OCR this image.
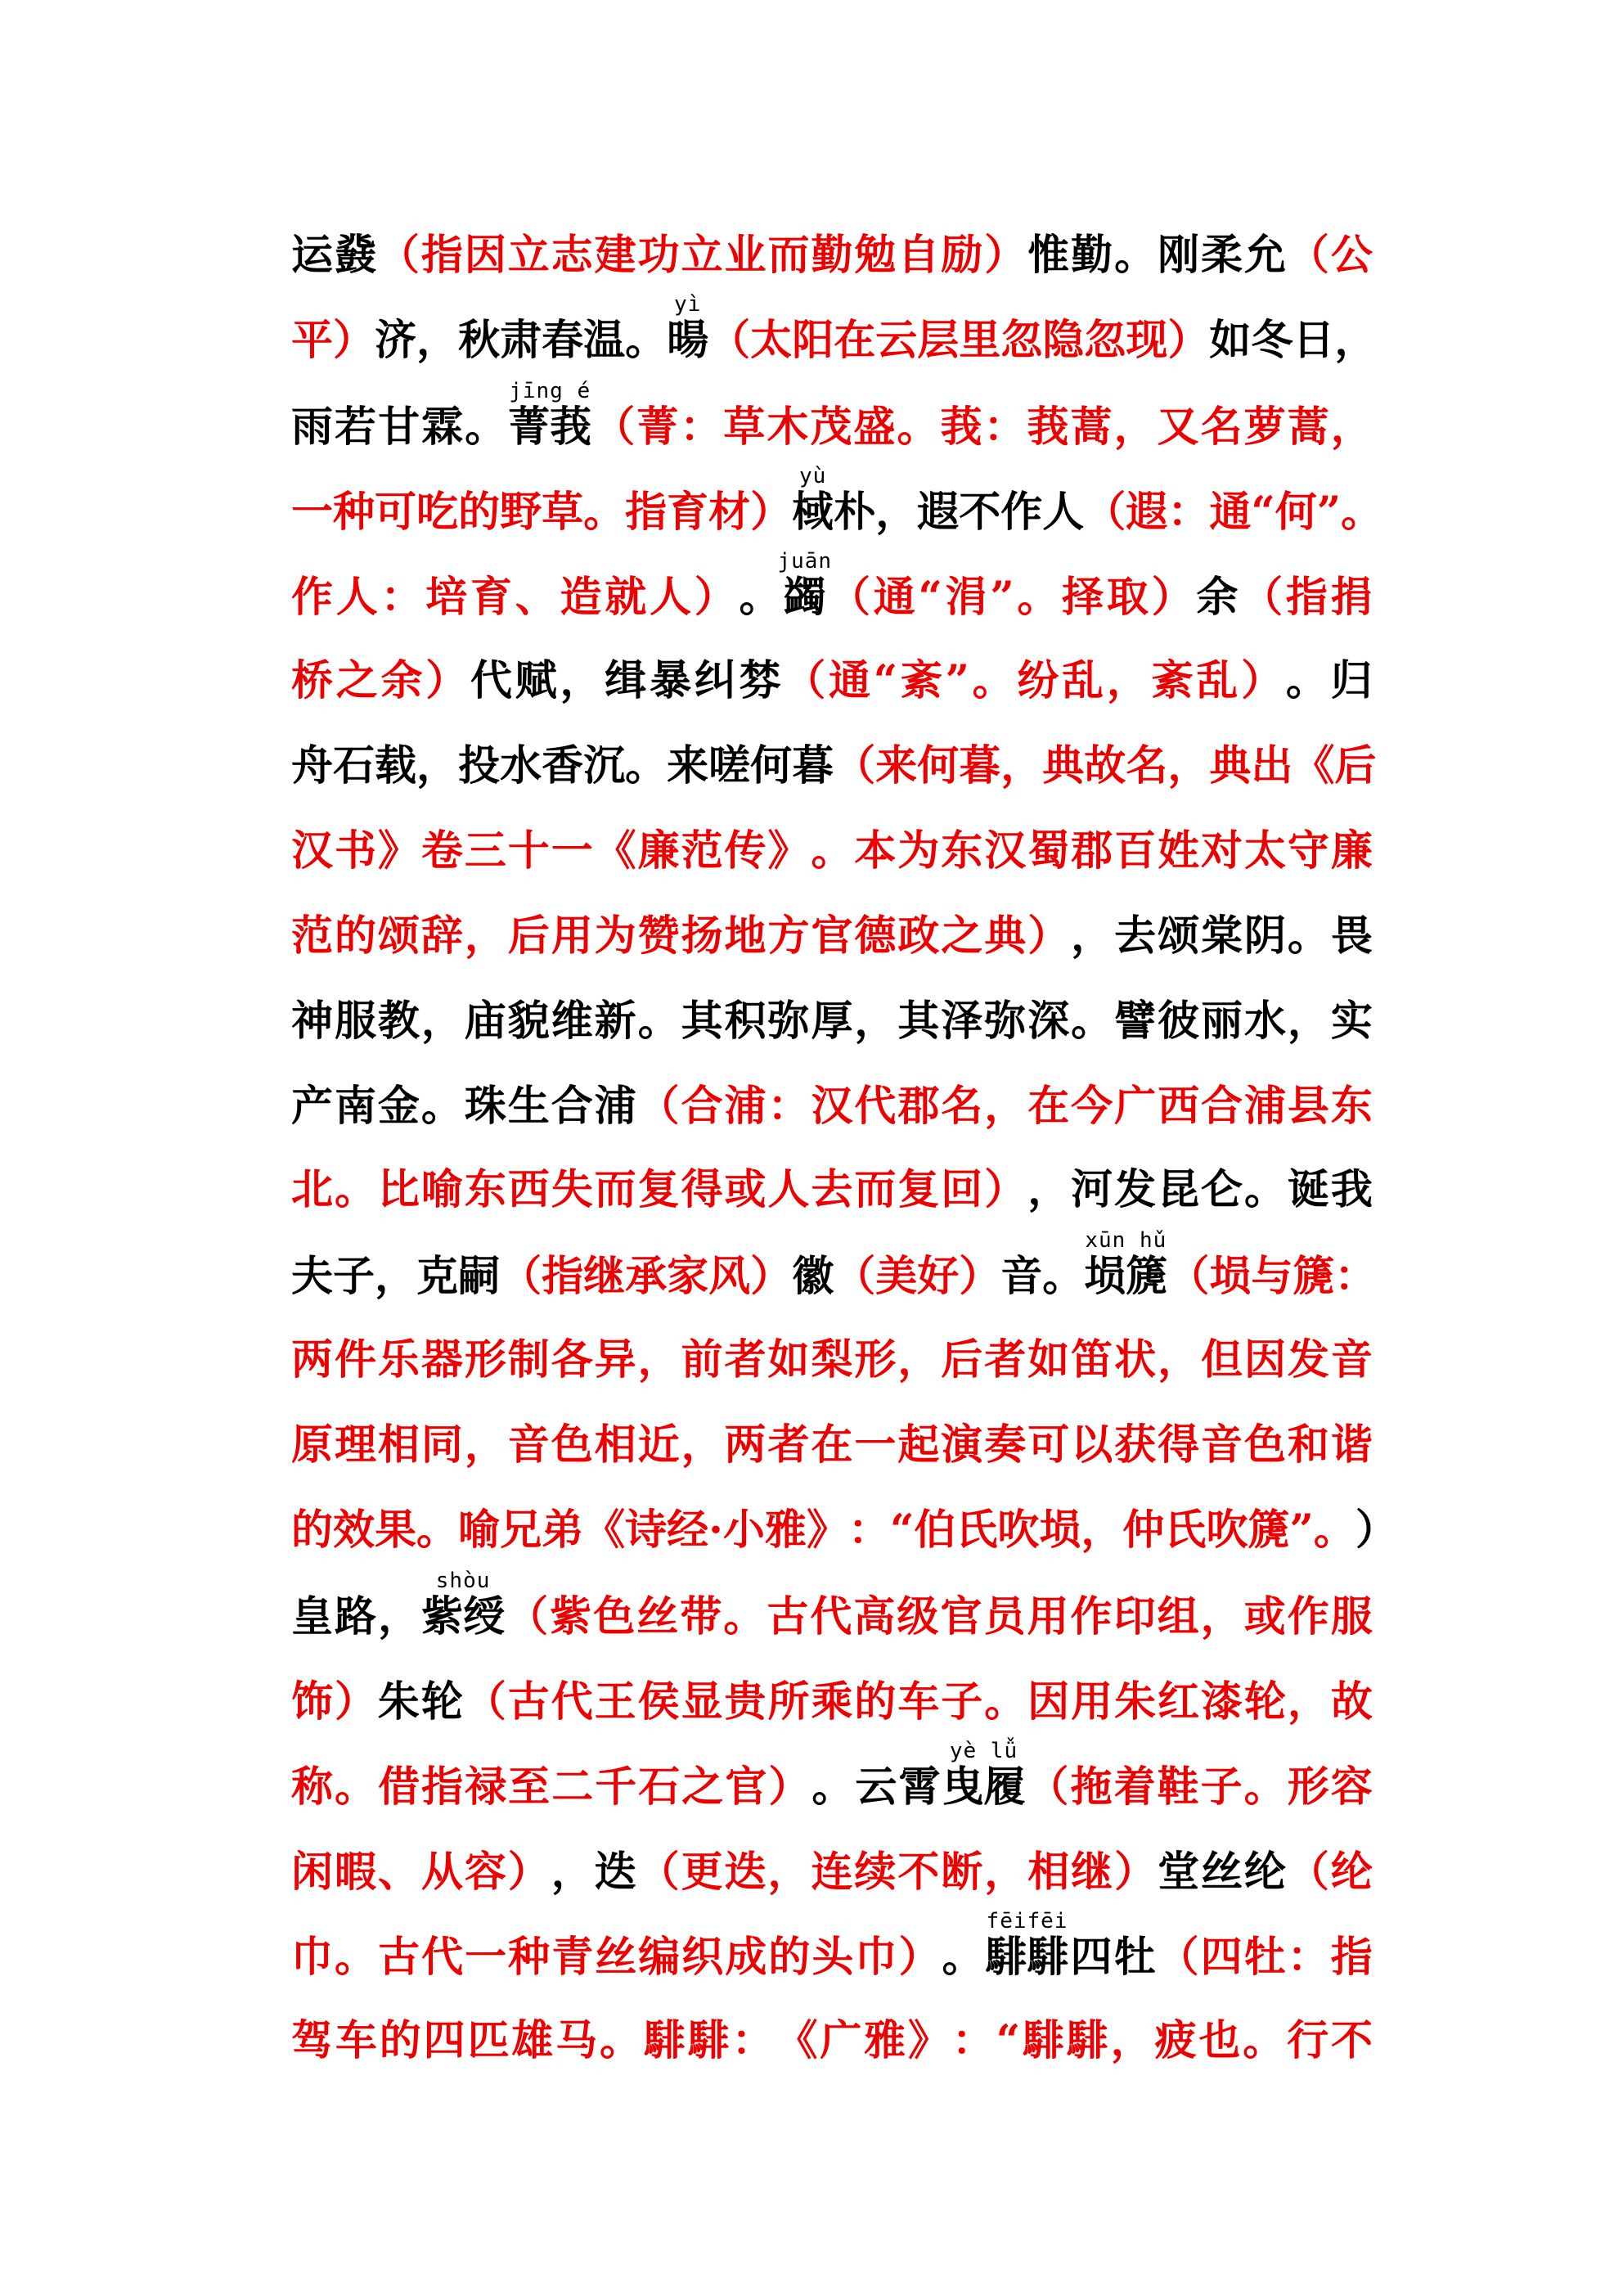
运 鼗 （ 指 因 立 志 建 功 立 业 而 勤 勉 自 励 ） 惟 勤 。 刚 柔 允 （ 公
平 ） 济 ， 秋 肃 春 温 。
yì
暘 （ 太 阳 在 云 层 里 忽 隐 忽 现 ） 如 冬 日 ，
雨 若 甘 霖 。
jīng é
菁莪 （ 菁 ： 草 木 茂 盛 。 莪 ： 莪 蒿 ， 又 名 萝 蒿 ，
一 种 可 吃 的 野 草 。 指 育 材 ）
yù
棫 朴 ， 遐 不 作 人 （ 遐 ： 通 “ 何 ” 。
作 人 ： 培 育 、 造 就 人 ） 。
juān
蠲 （ 通 “ 涓 ” 。 择 取 ） 余 （ 指 捐
桥 之 余 ） 代 赋 ， 缉 暴 纠 棼 （ 通 “ 紊 ” 。 纷 乱 ， 紊 乱 ） 。 归
舟 石 载 ， 投 水 香 沉 。 来 嗟 何 暮 （ 来 何 暮 ， 典 故 名 ， 典 出 《 后
汉 书 》 卷 三 十 一 《 廉 范 传 》 。 本 为 东 汉 蜀 郡 百 姓 对 太 守 廉
范 的 颂 辞 ， 后 用 为 赞 扬 地 方 官 德 政 之 典 ） ， 去 颂 棠 阴 。 畏
神 服 教 ， 庙 貌 维 新 。 其 积 弥 厚 ， 其 泽 弥 深 。 譬 彼 丽 水 ， 实
产 南 金 。 珠 生 合 浦 （ 合 浦 ： 汉 代 郡 名 ， 在 今 广 西 合 浦 县 东
北 。 比 喻 东 西 失 而 复 得 或 人 去 而 复 回 ） ， 河 发 昆 仑 。 诞 我
夫 子 ， 克 嗣 （ 指 继 承 家 风 ） 徽 （ 美 好 ） 音 。
xūn hǔ
埙篪 （ 埙 与 篪 ：
两 件 乐 器 形 制 各 异 ， 前 者 如 梨 形 ， 后 者 如 笛 状 ， 但 因 发 音
原 理 相 同 ， 音 色 相 近 ， 两 者 在 一 起 演 奏 可 以 获 得 音 色 和 谐
的 效 果 。 喻 兄 弟 《 诗 经 · 小 雅 》 ： “ 伯 氏 吹 埙 ， 仲 氏 吹 篪 ” 。 ）
皇 路 ，
shòu
紫绶 （ 紫 色 丝 带 。 古 代 高 级 官 员 用 作 印 组 ， 或 作 服
饰 ） 朱 轮 （ 古 代 王 侯 显 贵 所 乘 的 车 子 。 因 用 朱 红 漆 轮 ， 故
称 。 借 指 禄 至 二 千 石 之 官 ） 。 云 霄
yè lǚ
曳履 （ 拖 着 鞋 子 。 形 容
闲 暇 、 从 容 ） ， 迭 （ 更 迭 ， 连 续 不 断 ， 相 继 ） 堂 丝 纶 （ 纶
巾 。 古 代 一 种 青 丝 编 织 成 的 头 巾 ） 。
fēifēi
騑騑 四 牡 （ 四 牡 ： 指
驾 车 的 四 匹 雄 马 。 騑 騑 ： 《 广 雅 》 ： “ 騑 騑 ， 疲 也 。 行 不
